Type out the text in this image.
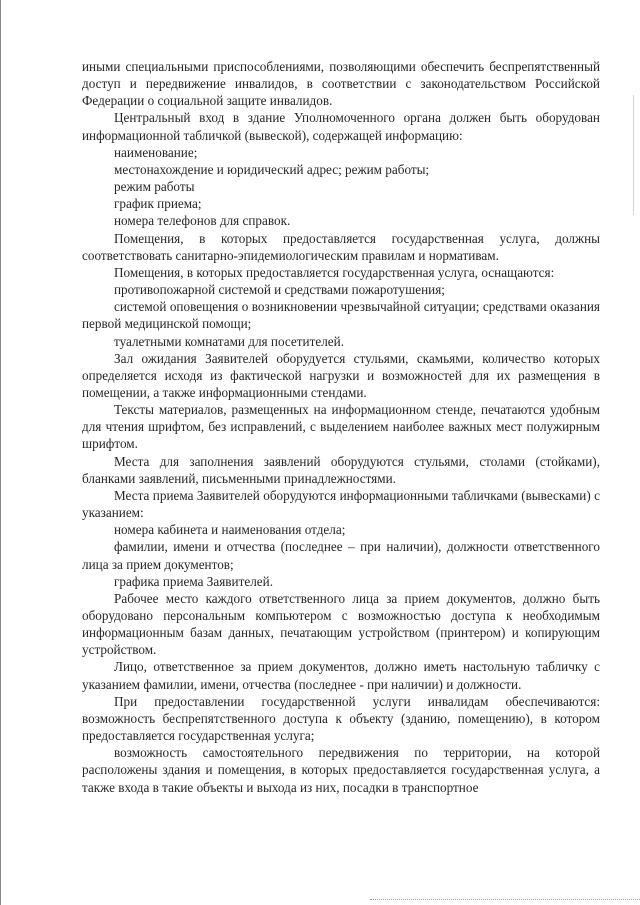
иными специальными приспособлениями, позволяющими обеспечить беспрепятственный доступ и передвижение инвалидов, в соответствии с законодательством Российской Федерации о социальной защите инвалидов.

Центральный вход в здание Уполномоченного органа должен быть оборудован информационной табличкой (вывеской), содержащей информацию:

наименование;

местонахождение и юридический адрес; режим работы;

режим работы

график приема;

номера телефонов для справок.

Помещения, в которых предоставляется государственная услуга, должны соответствовать санитарно-эпидемиологическим правилам и нормативам.

Помещения, в которых предоставляется государственная услуга, оснащаются:

противопожарной системой и средствами пожаротушения;

системой оповещения о возникновении чрезвычайной ситуации; средствами оказания первой медицинской помощи;

туалетными комнатами для посетителей.

Зал ожидания Заявителей оборудуется стульями, скамьями, количество которых определяется исходя из фактической нагрузки и возможностей для их размещения в помещении, а также информационными стендами.

Тексты материалов, размещенных на информационном стенде, печатаются удобным для чтения шрифтом, без исправлений, с выделением наиболее важных мест полужирным шрифтом.

Места для заполнения заявлений оборудуются стульями, столами (стойками), бланками заявлений, письменными принадлежностями.

Места приема Заявителей оборудуются информационными табличками (вывесками) с указанием:

номера кабинета и наименования отдела;

фамилии, имени и отчества (последнее – при наличии), должности ответственного лица за прием документов;

графика приема Заявителей.

Рабочее место каждого ответственного лица за прием документов, должно быть оборудовано персональным компьютером с возможностью доступа к необходимым информационным базам данных, печатающим устройством (принтером) и копирующим устройством.

Лицо, ответственное за прием документов, должно иметь настольную табличку с указанием фамилии, имени, отчества (последнее - при наличии) и должности.

При предоставлении государственной услуги инвалидам обеспечиваются: возможность беспрепятственного доступа к объекту (зданию, помещению), в котором предоставляется государственная услуга;

возможность самостоятельного передвижения по территории, на которой расположены здания и помещения, в которых предоставляется государственная услуга, а также входа в такие объекты и выхода из них, посадки в транспортное
